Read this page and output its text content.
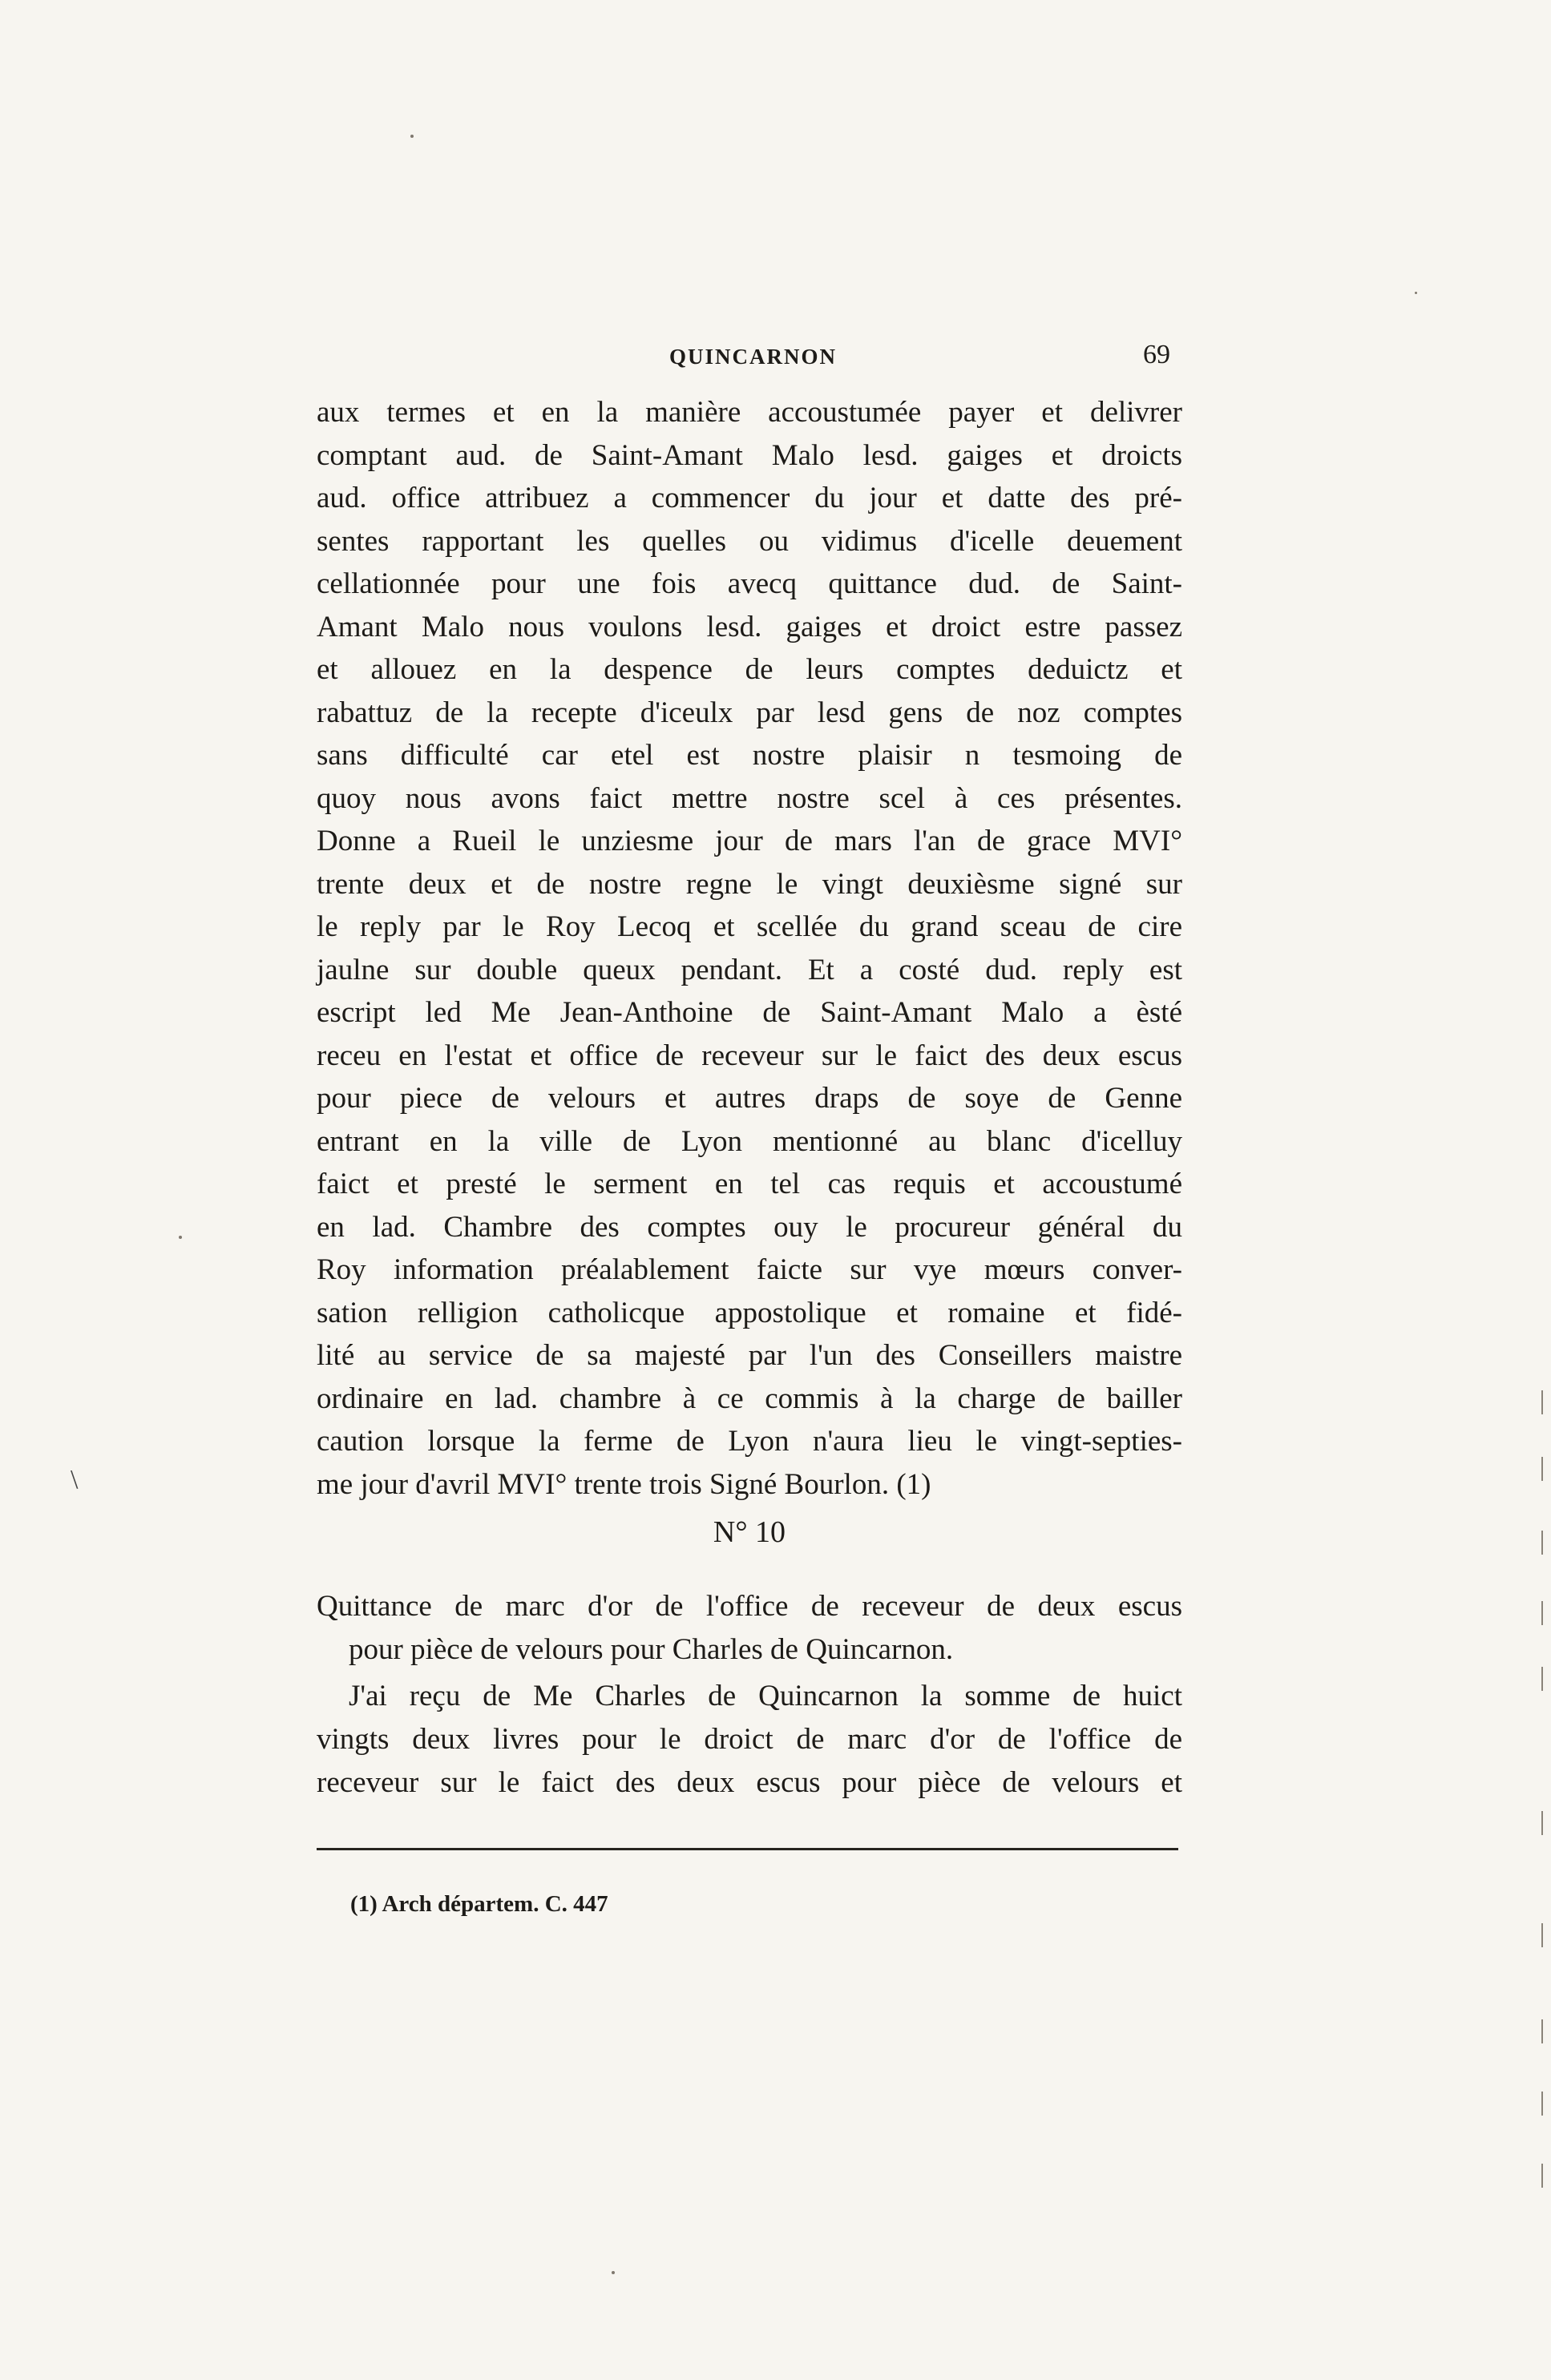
QUINCARNON	69
aux termes et en la manière accoustumée payer et delivrer
comptant aud. de Saint-Amant Malo lesd. gaiges et droicts
aud. office attribuez a commencer du jour et datte des pré-
sentes rapportant les quelles ou vidimus d'icelle deuement
cellationnée pour une fois avecq quittance dud. de Saint-
Amant Malo nous voulons lesd. gaiges et droict estre passez
et allouez en la despence de leurs comptes deduictz et
rabattuz de la recepte d'iceulx par lesd gens de noz comptes
sans difficulté car etel est nostre plaisir n tesmoing de
quoy nous avons faict mettre nostre scel à ces présentes.
Donne a Rueil le unziesme jour de mars l'an de grace MVI°
trente deux et de nostre regne le vingt deuxièsme signé sur
le reply par le Roy Lecoq et scellée du grand sceau de cire
jaulne sur double queux pendant. Et a costé dud. reply est
escript led Me Jean-Anthoine de Saint-Amant Malo a èsté
receu en l'estat et office de receveur sur le faict des deux escus
pour piece de velours et autres draps de soye de Genne
entrant en la ville de Lyon mentionné au blanc d'icelluy
faict et presté le serment en tel cas requis et accoustumé
en lad. Chambre des comptes ouy le procureur général du
Roy information préalablement faicte sur vye mœurs conver-
sation relligion catholicque appostolique et romaine et fidé-
lité au service de sa majesté par l'un des Conseillers maistre
ordinaire en lad. chambre à ce commis à la charge de bailler
caution lorsque la ferme de Lyon n'aura lieu le vingt-septies-
me jour d'avril MVI° trente trois Signé Bourlon. (1)
N° 10
Quittance de marc d'or de l'office de receveur de deux escus
pour pièce de velours pour Charles de Quincarnon.
J'ai reçu de Me Charles de Quincarnon la somme de huict
vingts deux livres pour le droict de marc d'or de l'office de
receveur sur le faict des deux escus pour pièce de velours et
(1) Arch départem. C. 447
\
